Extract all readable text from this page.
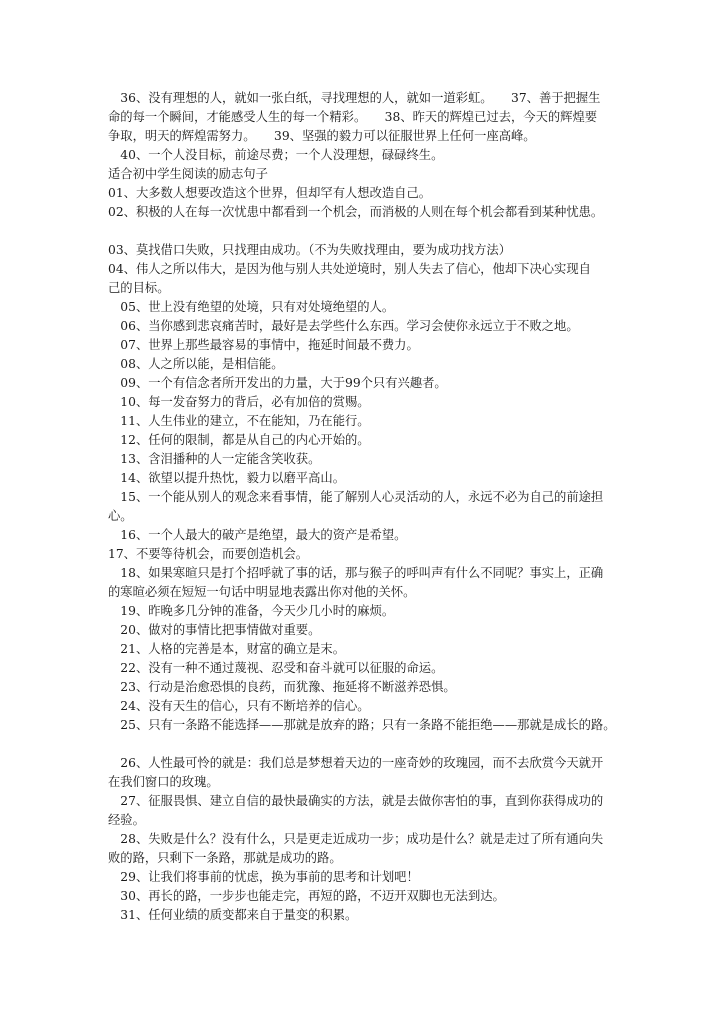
　36、没有理想的人，就如一张白纸，寻找理想的人，就如一道彩虹。　　37、善于把握生
命的每一个瞬间，才能感受人生的每一个精彩。　　38、昨天的辉煌已过去，今天的辉煌要
争取，明天的辉煌需努力。　　39、坚强的毅力可以征服世界上任何一座高峰。
　40、一个人没目标，前途尽费；一个人没理想，碌碌终生。
适合初中学生阅读的励志句子
01、大多数人想要改造这个世界，但却罕有人想改造自己。
02、积极的人在每一次忧患中都看到一个机会，而消极的人则在每个机会都看到某种忧患。
03、莫找借口失败，只找理由成功。（不为失败找理由，要为成功找方法）
04、伟人之所以伟大，是因为他与别人共处逆境时，别人失去了信心，他却下决心实现自
己的目标。
　05、世上没有绝望的处境，只有对处境绝望的人。
　06、当你感到悲哀痛苦时，最好是去学些什么东西。学习会使你永远立于不败之地。
　07、世界上那些最容易的事情中，拖延时间最不费力。
　08、人之所以能，是相信能。
　09、一个有信念者所开发出的力量，大于99个只有兴趣者。
　10、每一发奋努力的背后，必有加倍的赏赐。
　11、人生伟业的建立，不在能知，乃在能行。
　12、任何的限制，都是从自己的内心开始的。
　13、含泪播种的人一定能含笑收获。
　14、欲望以提升热忱，毅力以磨平高山。
　15、一个能从别人的观念来看事情，能了解别人心灵活动的人，永远不必为自己的前途担
心。
　16、一个人最大的破产是绝望，最大的资产是希望。
17、不要等待机会，而要创造机会。
　18、如果寒暄只是打个招呼就了事的话，那与猴子的呼叫声有什么不同呢？事实上，正确
的寒暄必须在短短一句话中明显地表露出你对他的关怀。
　19、昨晚多几分钟的准备，今天少几小时的麻烦。
　20、做对的事情比把事情做对重要。
　21、人格的完善是本，财富的确立是末。
　22、没有一种不通过蔑视、忍受和奋斗就可以征服的命运。
　23、行动是治愈恐惧的良药，而犹豫、拖延将不断滋养恐惧。
　24、没有天生的信心，只有不断培养的信心。
　25、只有一条路不能选择——那就是放弃的路；只有一条路不能拒绝——那就是成长的路。
　26、人性最可怜的就是：我们总是梦想着天边的一座奇妙的玫瑰园，而不去欣赏今天就开
在我们窗口的玫瑰。
　27、征服畏惧、建立自信的最快最确实的方法，就是去做你害怕的事，直到你获得成功的
经验。
　28、失败是什么？没有什么，只是更走近成功一步；成功是什么？就是走过了所有通向失
败的路，只剩下一条路，那就是成功的路。
　29、让我们将事前的忧虑，换为事前的思考和计划吧！
　30、再长的路，一步步也能走完，再短的路，不迈开双脚也无法到达。
　31、任何业绩的质变都来自于量变的积累。
